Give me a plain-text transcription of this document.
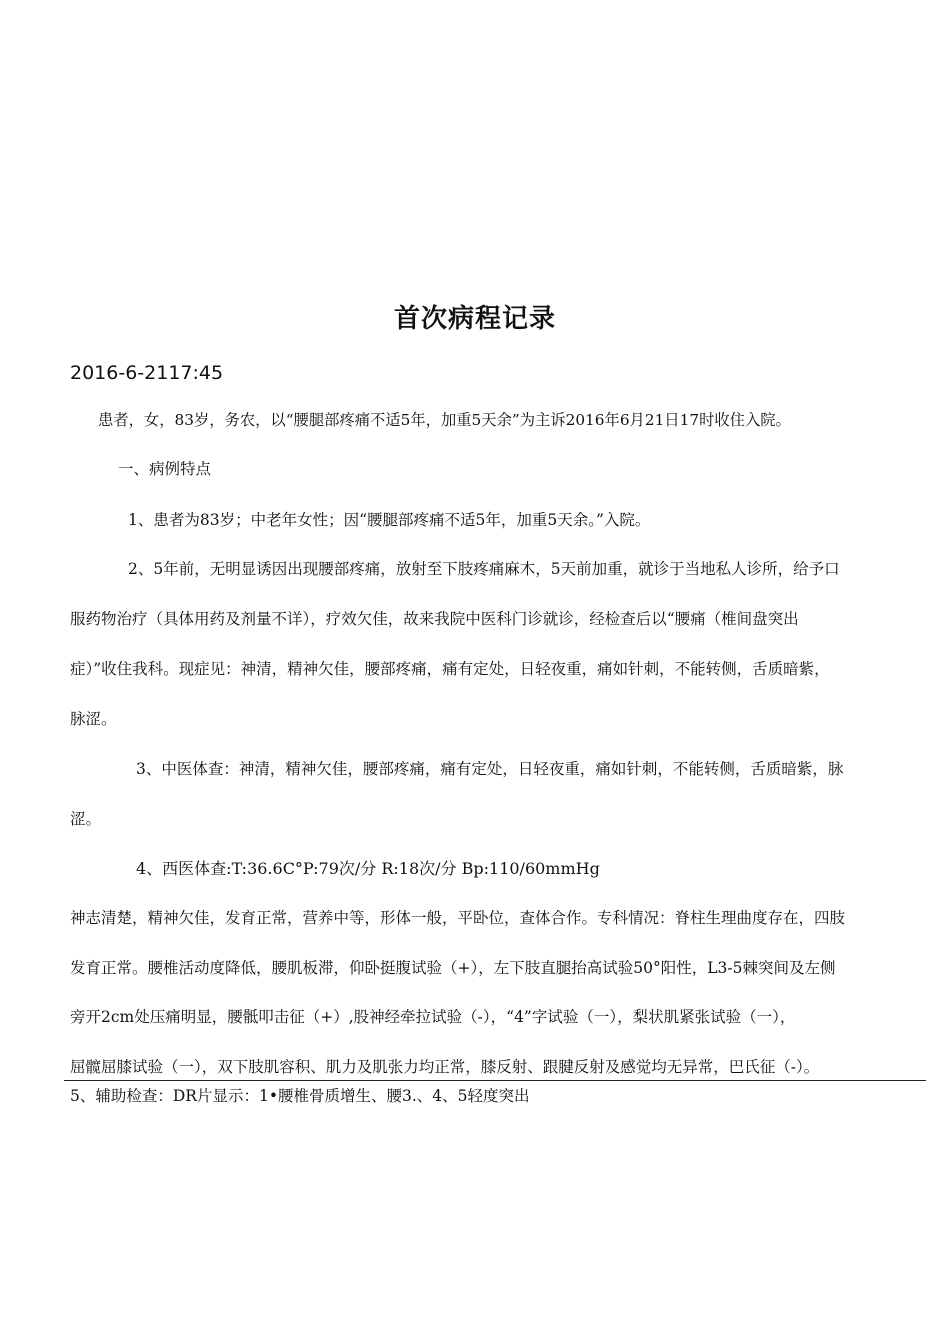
首次病程记录
2016-6-2117:45
患者，女，83岁，务农，以“腰腿部疼痛不适5年，加重5天余”为主诉2016年6月21日17时收住入院。
一、病例特点
1、患者为83岁；中老年女性；因“腰腿部疼痛不适5年，加重5天余。”入院。
2、5年前，无明显诱因出现腰部疼痛，放射至下肢疼痛麻木，5天前加重，就诊于当地私人诊所，给予口
服药物治疗（具体用药及剂量不详），疗效欠佳，故来我院中医科门诊就诊，经检查后以“腰痛（椎间盘突出
症）”收住我科。现症见：神清，精神欠佳，腰部疼痛，痛有定处，日轻夜重，痛如针刺，不能转侧，舌质暗紫，
脉涩。
3、中医体查：神清，精神欠佳，腰部疼痛，痛有定处，日轻夜重，痛如针刺，不能转侧，舌质暗紫，脉
涩。
4、西医体查:T:36.6C°P:79次/分 R:18次/分 Bp:110/60mmHg
神志清楚，精神欠佳，发育正常，营养中等，形体一般，平卧位，查体合作。专科情况：脊柱生理曲度存在，四肢
发育正常。腰椎活动度降低，腰肌板滞，仰卧挺腹试验（+），左下肢直腿抬高试验50°阳性，L3-5棘突间及左侧
旁开2cm处压痛明显，腰骶叩击征（+）,股神经牵拉试验（-），“4”字试验（一），梨状肌紧张试验（一），
屈髋屈膝试验（一），双下肢肌容积、肌力及肌张力均正常，膝反射、跟腱反射及感觉均无异常，巴氏征（-）。
5、辅助检查：DR片显示：1•腰椎骨质增生、腰3.、4、5轻度突出
